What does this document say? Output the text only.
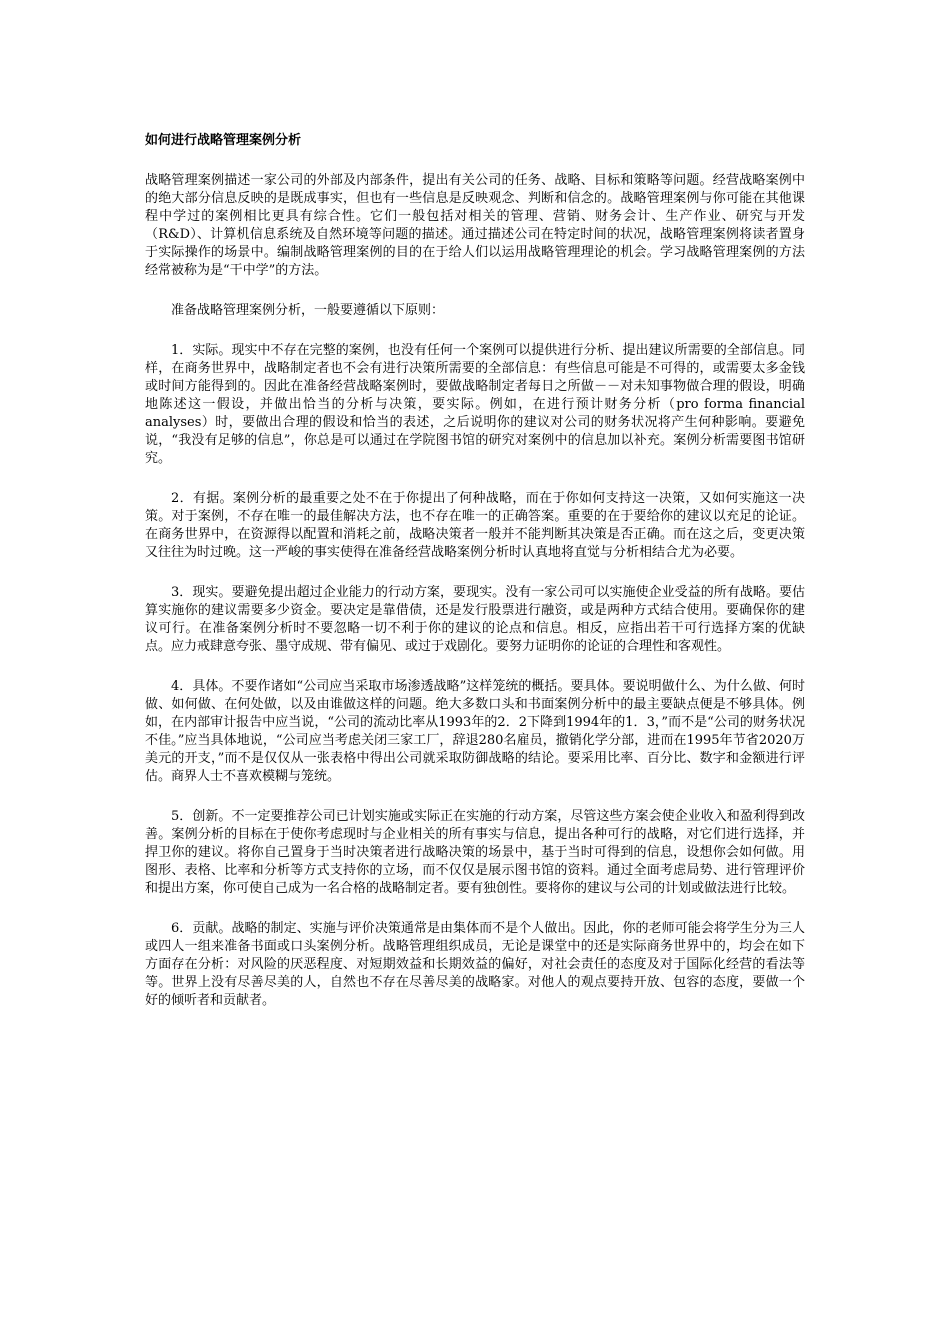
如何进行战略管理案例分析

战略管理案例描述一家公司的外部及内部条件，提出有关公司的任务、战略、目标和策略等问题。经营战略案例中的绝大部分信息反映的是既成事实，但也有一些信息是反映观念、判断和信念的。战略管理案例与你可能在其他课程中学过的案例相比更具有综合性。它们一般包括对相关的管理、营销、财务会计、生产作业、研究与开发（R&D）、计算机信息系统及自然环境等问题的描述。通过描述公司在特定时间的状况，战略管理案例将读者置身于实际操作的场景中。编制战略管理案例的目的在于给人们以运用战略管理理论的机会。学习战略管理案例的方法经常被称为是“干中学”的方法。

准备战略管理案例分析，一般要遵循以下原则：

1．实际。现实中不存在完整的案例，也没有任何一个案例可以提供进行分析、提出建议所需要的全部信息。同样，在商务世界中，战略制定者也不会有进行决策所需要的全部信息：有些信息可能是不可得的，或需要太多金钱或时间方能得到的。因此在准备经营战略案例时，要做战略制定者每日之所做－－对未知事物做合理的假设，明确地陈述这一假设，并做出恰当的分析与决策，要实际。例如，在进行预计财务分析（pro forma financial analyses）时，要做出合理的假设和恰当的表述，之后说明你的建议对公司的财务状况将产生何种影响。要避免说，“我没有足够的信息”，你总是可以通过在学院图书馆的研究对案例中的信息加以补充。案例分析需要图书馆研究。

2．有据。案例分析的最重要之处不在于你提出了何种战略，而在于你如何支持这一决策，又如何实施这一决策。对于案例，不存在唯一的最佳解决方法，也不存在唯一的正确答案。重要的在于要给你的建议以充足的论证。在商务世界中，在资源得以配置和消耗之前，战略决策者一般并不能判断其决策是否正确。而在这之后，变更决策又往往为时过晚。这一严峻的事实使得在准备经营战略案例分析时认真地将直觉与分析相结合尤为必要。

3．现实。要避免提出超过企业能力的行动方案，要现实。没有一家公司可以实施使企业受益的所有战略。要估算实施你的建议需要多少资金。要决定是靠借债，还是发行股票进行融资，或是两种方式结合使用。要确保你的建议可行。在准备案例分析时不要忽略一切不利于你的建议的论点和信息。相反，应指出若干可行选择方案的优缺点。应力戒肆意夸张、墨守成规、带有偏见、或过于戏剧化。要努力证明你的论证的合理性和客观性。

4．具体。不要作诸如“公司应当采取市场渗透战略”这样笼统的概括。要具体。要说明做什么、为什么做、何时做、如何做、在何处做，以及由谁做这样的问题。绝大多数口头和书面案例分析中的最主要缺点便是不够具体。例如，在内部审计报告中应当说，“公司的流动比率从1993年的2．2下降到1994年的1．3，”而不是“公司的财务状况不佳。”应当具体地说，“公司应当考虑关闭三家工厂，辞退280名雇员，撤销化学分部，进而在1995年节省2020万美元的开支，”而不是仅仅从一张表格中得出公司就采取防御战略的结论。要采用比率、百分比、数字和金额进行评估。商界人士不喜欢模糊与笼统。

5．创新。不一定要推荐公司已计划实施或实际正在实施的行动方案，尽管这些方案会使企业收入和盈利得到改善。案例分析的目标在于使你考虑现时与企业相关的所有事实与信息，提出各种可行的战略，对它们进行选择，并捍卫你的建议。将你自己置身于当时决策者进行战略决策的场景中，基于当时可得到的信息，设想你会如何做。用图形、表格、比率和分析等方式支持你的立场，而不仅仅是展示图书馆的资料。通过全面考虑局势、进行管理评价和提出方案，你可使自己成为一名合格的战略制定者。要有独创性。要将你的建议与公司的计划或做法进行比较。

6．贡献。战略的制定、实施与评价决策通常是由集体而不是个人做出。因此，你的老师可能会将学生分为三人或四人一组来准备书面或口头案例分析。战略管理组织成员，无论是课堂中的还是实际商务世界中的，均会在如下方面存在分析：对风险的厌恶程度、对短期效益和长期效益的偏好，对社会责任的态度及对于国际化经营的看法等等。世界上没有尽善尽美的人，自然也不存在尽善尽美的战略家。对他人的观点要持开放、包容的态度，要做一个好的倾听者和贡献者。
